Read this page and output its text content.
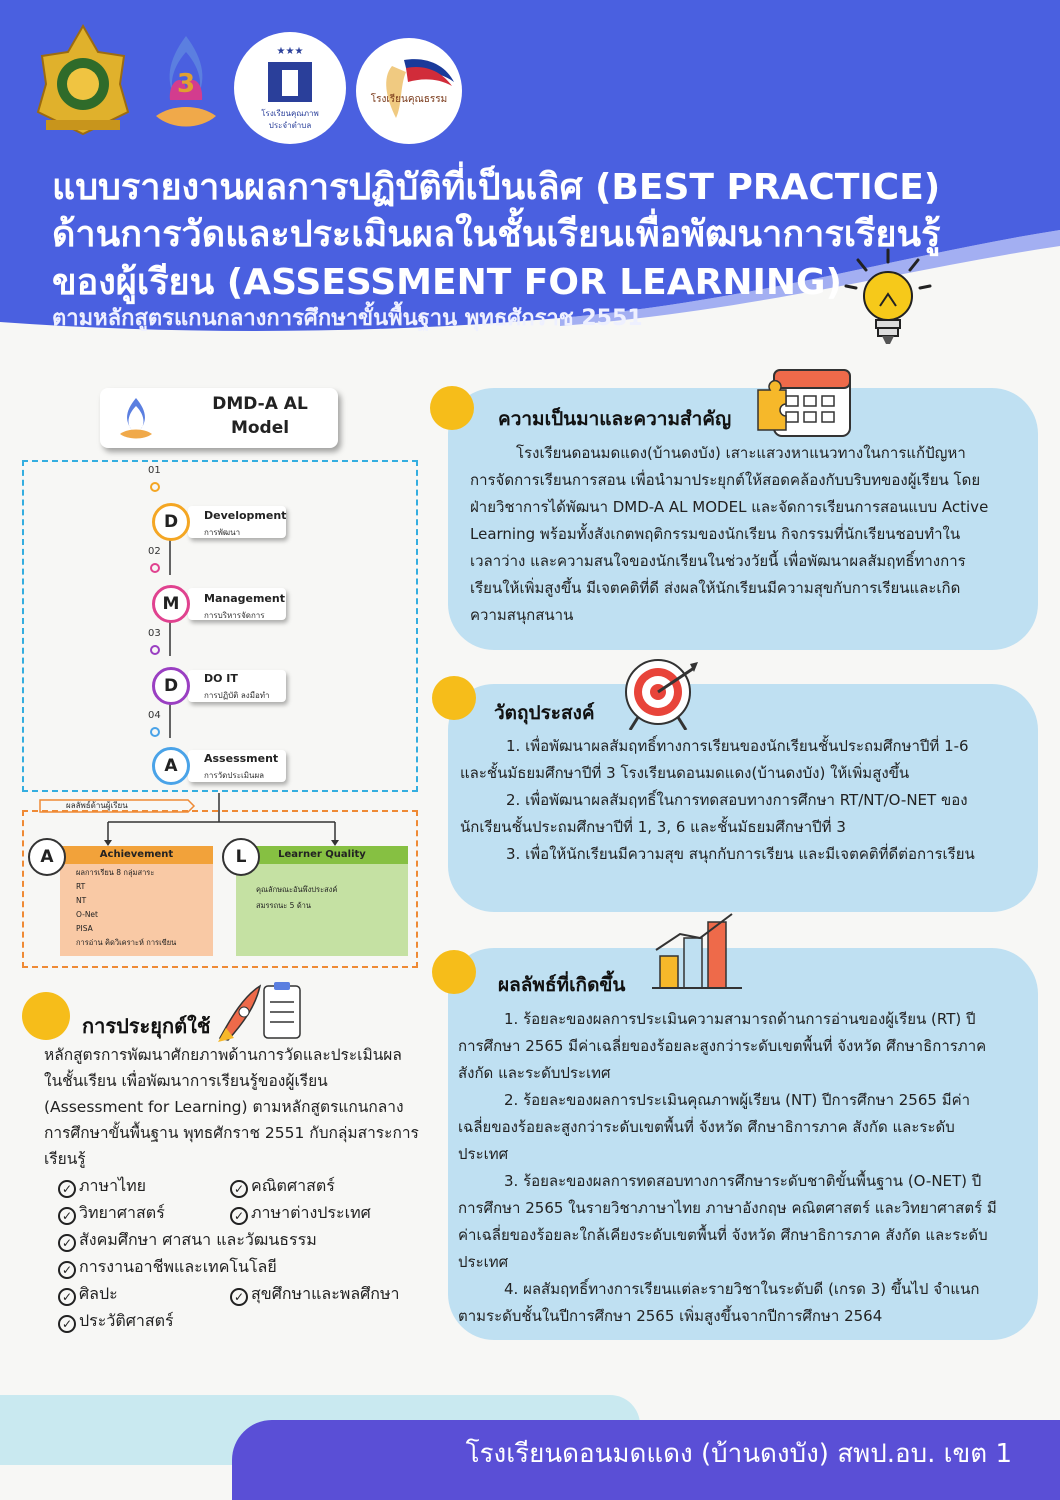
3
★★★
โรงเรียนคุณภาพ
ประจำตำบล
โรงเรียนคุณธรรม
แบบรายงานผลการปฏิบัติที่เป็นเลิศ (BEST PRACTICE)
ด้านการวัดและประเมินผลในชั้นเรียนเพื่อพัฒนาการเรียนรู้
ของผู้เรียน (ASSESSMENT FOR LEARNING)
ตามหลักสูตรแกนกลางการศึกษาขั้นพื้นฐาน พุทธศักราช 2551
DMD-A AL
Model
01
D	Development
การพัฒนา
02
M	Management
การบริหารจัดการ
03
D	DO IT
การปฏิบัติ ลงมือทำ
04
A	Assessment
การวัดประเมินผล
ผลลัพธ์ด้านผู้เรียน
Achievement
A
ผลการเรียน 8 กลุ่มสาระ
RT
NT
O-Net
PISA
การอ่าน คิดวิเคราะห์ การเขียน
Learner Quality
L
คุณลักษณะอันพึงประสงค์
สมรรถนะ 5 ด้าน
ความเป็นมาและความสำคัญ

โรงเรียนดอนมดแดง(บ้านดงบัง) เสาะแสวงหาแนวทางในการแก้ปัญหาการจัดการเรียนการสอน เพื่อนำมาประยุกต์ให้สอดคล้องกับบริบทของผู้เรียน โดยฝ่ายวิชาการได้พัฒนา DMD-A AL MODEL และจัดการเรียนการสอนแบบ Active Learning พร้อมทั้งสังเกตพฤติกรรมของนักเรียน กิจกรรมที่นักเรียนชอบทำในเวลาว่าง และความสนใจของนักเรียนในช่วงวัยนี้ เพื่อพัฒนาผลสัมฤทธิ์ทางการเรียนให้เพิ่มสูงขึ้น มีเจตคติที่ดี ส่งผลให้นักเรียนมีความสุขกับการเรียนและเกิดความสนุกสนาน

วัตถุประสงค์

1. เพื่อพัฒนาผลสัมฤทธิ์ทางการเรียนของนักเรียนชั้นประถมศึกษาปีที่ 1-6 และชั้นมัธยมศึกษาปีที่ 3 โรงเรียนดอนมดแดง(บ้านดงบัง) ให้เพิ่มสูงขึ้น

2. เพื่อพัฒนาผลสัมฤทธิ์ในการทดสอบทางการศึกษา RT/NT/O-NET ของนักเรียนชั้นประถมศึกษาปีที่ 1, 3, 6 และชั้นมัธยมศึกษาปีที่ 3

3. เพื่อให้นักเรียนมีความสุข สนุกกับการเรียน และมีเจตคติที่ดีต่อการเรียน

ผลลัพธ์ที่เกิดขึ้น

1. ร้อยละของผลการประเมินความสามารถด้านการอ่านของผู้เรียน (RT) ปีการศึกษา 2565 มีค่าเฉลี่ยของร้อยละสูงกว่าระดับเขตพื้นที่ จังหวัด ศึกษาธิการภาค สังกัด และระดับประเทศ

2. ร้อยละของผลการประเมินคุณภาพผู้เรียน (NT) ปีการศึกษา 2565 มีค่าเฉลี่ยของร้อยละสูงกว่าระดับเขตพื้นที่ จังหวัด ศึกษาธิการภาค สังกัด และระดับประเทศ

3. ร้อยละของผลการทดสอบทางการศึกษาระดับชาติขั้นพื้นฐาน (O-NET) ปีการศึกษา 2565 ในรายวิชาภาษาไทย ภาษาอังกฤษ คณิตศาสตร์ และวิทยาศาสตร์ มีค่าเฉลี่ยของร้อยละใกล้เคียงระดับเขตพื้นที่ จังหวัด ศึกษาธิการภาค สังกัด และระดับประเทศ

4. ผลสัมฤทธิ์ทางการเรียนแต่ละรายวิชาในระดับดี (เกรด 3) ขึ้นไป จำแนกตามระดับชั้นในปีการศึกษา 2565 เพิ่มสูงขึ้นจากปีการศึกษา 2564

การประยุกต์ใช้
หลักสูตรการพัฒนาศักยภาพด้านการวัดและประเมินผลในชั้นเรียน เพื่อพัฒนาการเรียนรู้ของผู้เรียน (Assessment for Learning) ตามหลักสูตรแกนกลางการศึกษาขั้นพื้นฐาน พุทธศักราช 2551 กับกลุ่มสาระการเรียนรู้
✓ ภาษาไทย	✓ คณิตศาสตร์
✓ วิทยาศาสตร์	✓ ภาษาต่างประเทศ
✓ สังคมศึกษา ศาสนา และวัฒนธรรม
✓ การงานอาชีพและเทคโนโลยี
✓ ศิลปะ	✓ สุขศึกษาและพลศึกษา
✓ ประวัติศาสตร์
โรงเรียนดอนมดแดง (บ้านดงบัง) สพป.อบ. เขต 1
